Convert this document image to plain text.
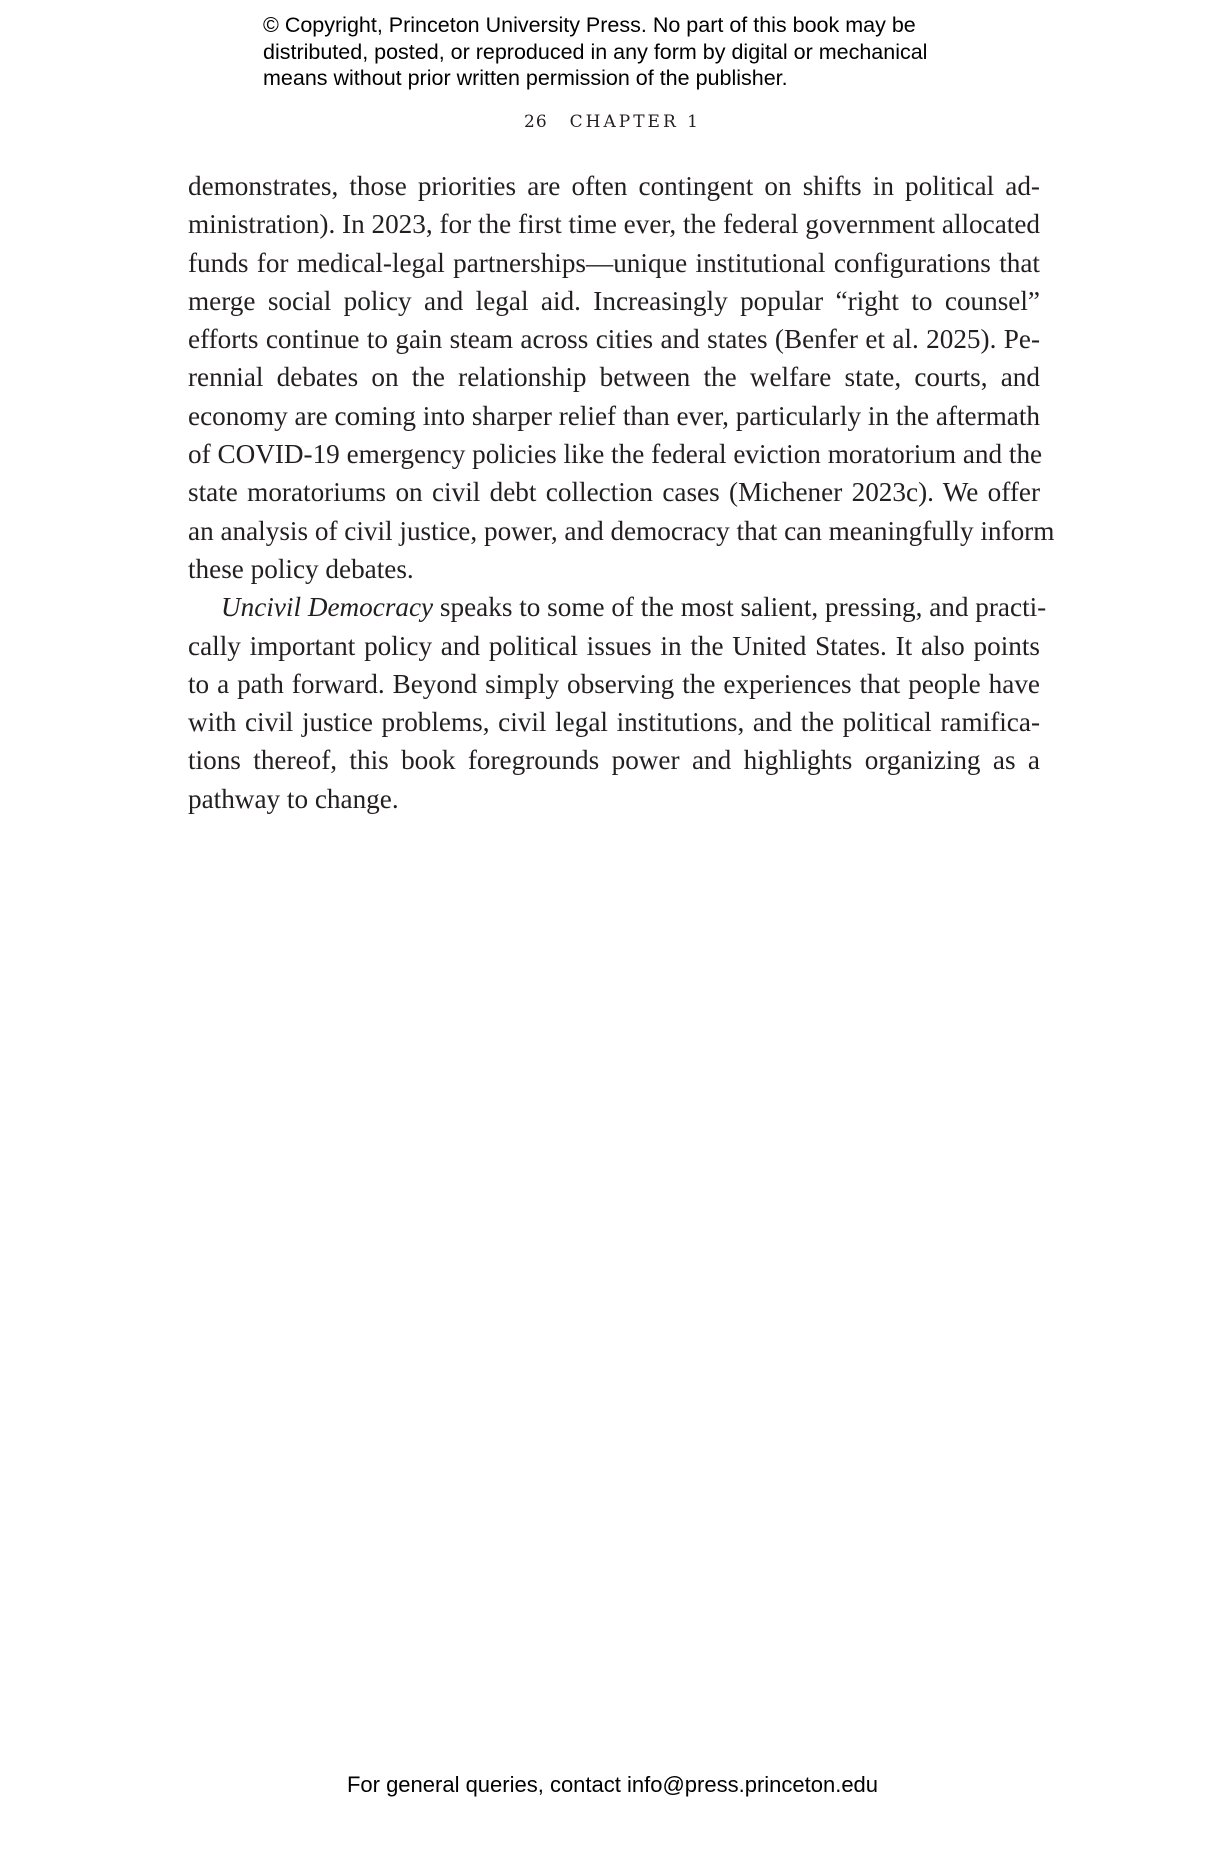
© Copyright, Princeton University Press. No part of this book may be
distributed, posted, or reproduced in any form by digital or mechanical
means without prior written permission of the publisher.
26 CHAPTER 1
demonstrates, those priorities are often contingent on shifts in political ad-
ministration). In 2023, for the first time ever, the federal government allocated
funds for medical-legal partnerships—unique institutional configurations that
merge social policy and legal aid. Increasingly popular “right to counsel”
efforts continue to gain steam across cities and states (Benfer et al. 2025). Pe-
rennial debates on the relationship between the welfare state, courts, and
economy are coming into sharper relief than ever, particularly in the aftermath
of COVID-19 emergency policies like the federal eviction moratorium and the
state moratoriums on civil debt collection cases (Michener 2023c). We offer
an analysis of civil justice, power, and democracy that can meaningfully inform
these policy debates.
Uncivil Democracy speaks to some of the most salient, pressing, and practi-
cally important policy and political issues in the United States. It also points
to a path forward. Beyond simply observing the experiences that people have
with civil justice problems, civil legal institutions, and the political ramifica-
tions thereof, this book foregrounds power and highlights organizing as a
pathway to change.
For general queries, contact info@press.princeton.edu
